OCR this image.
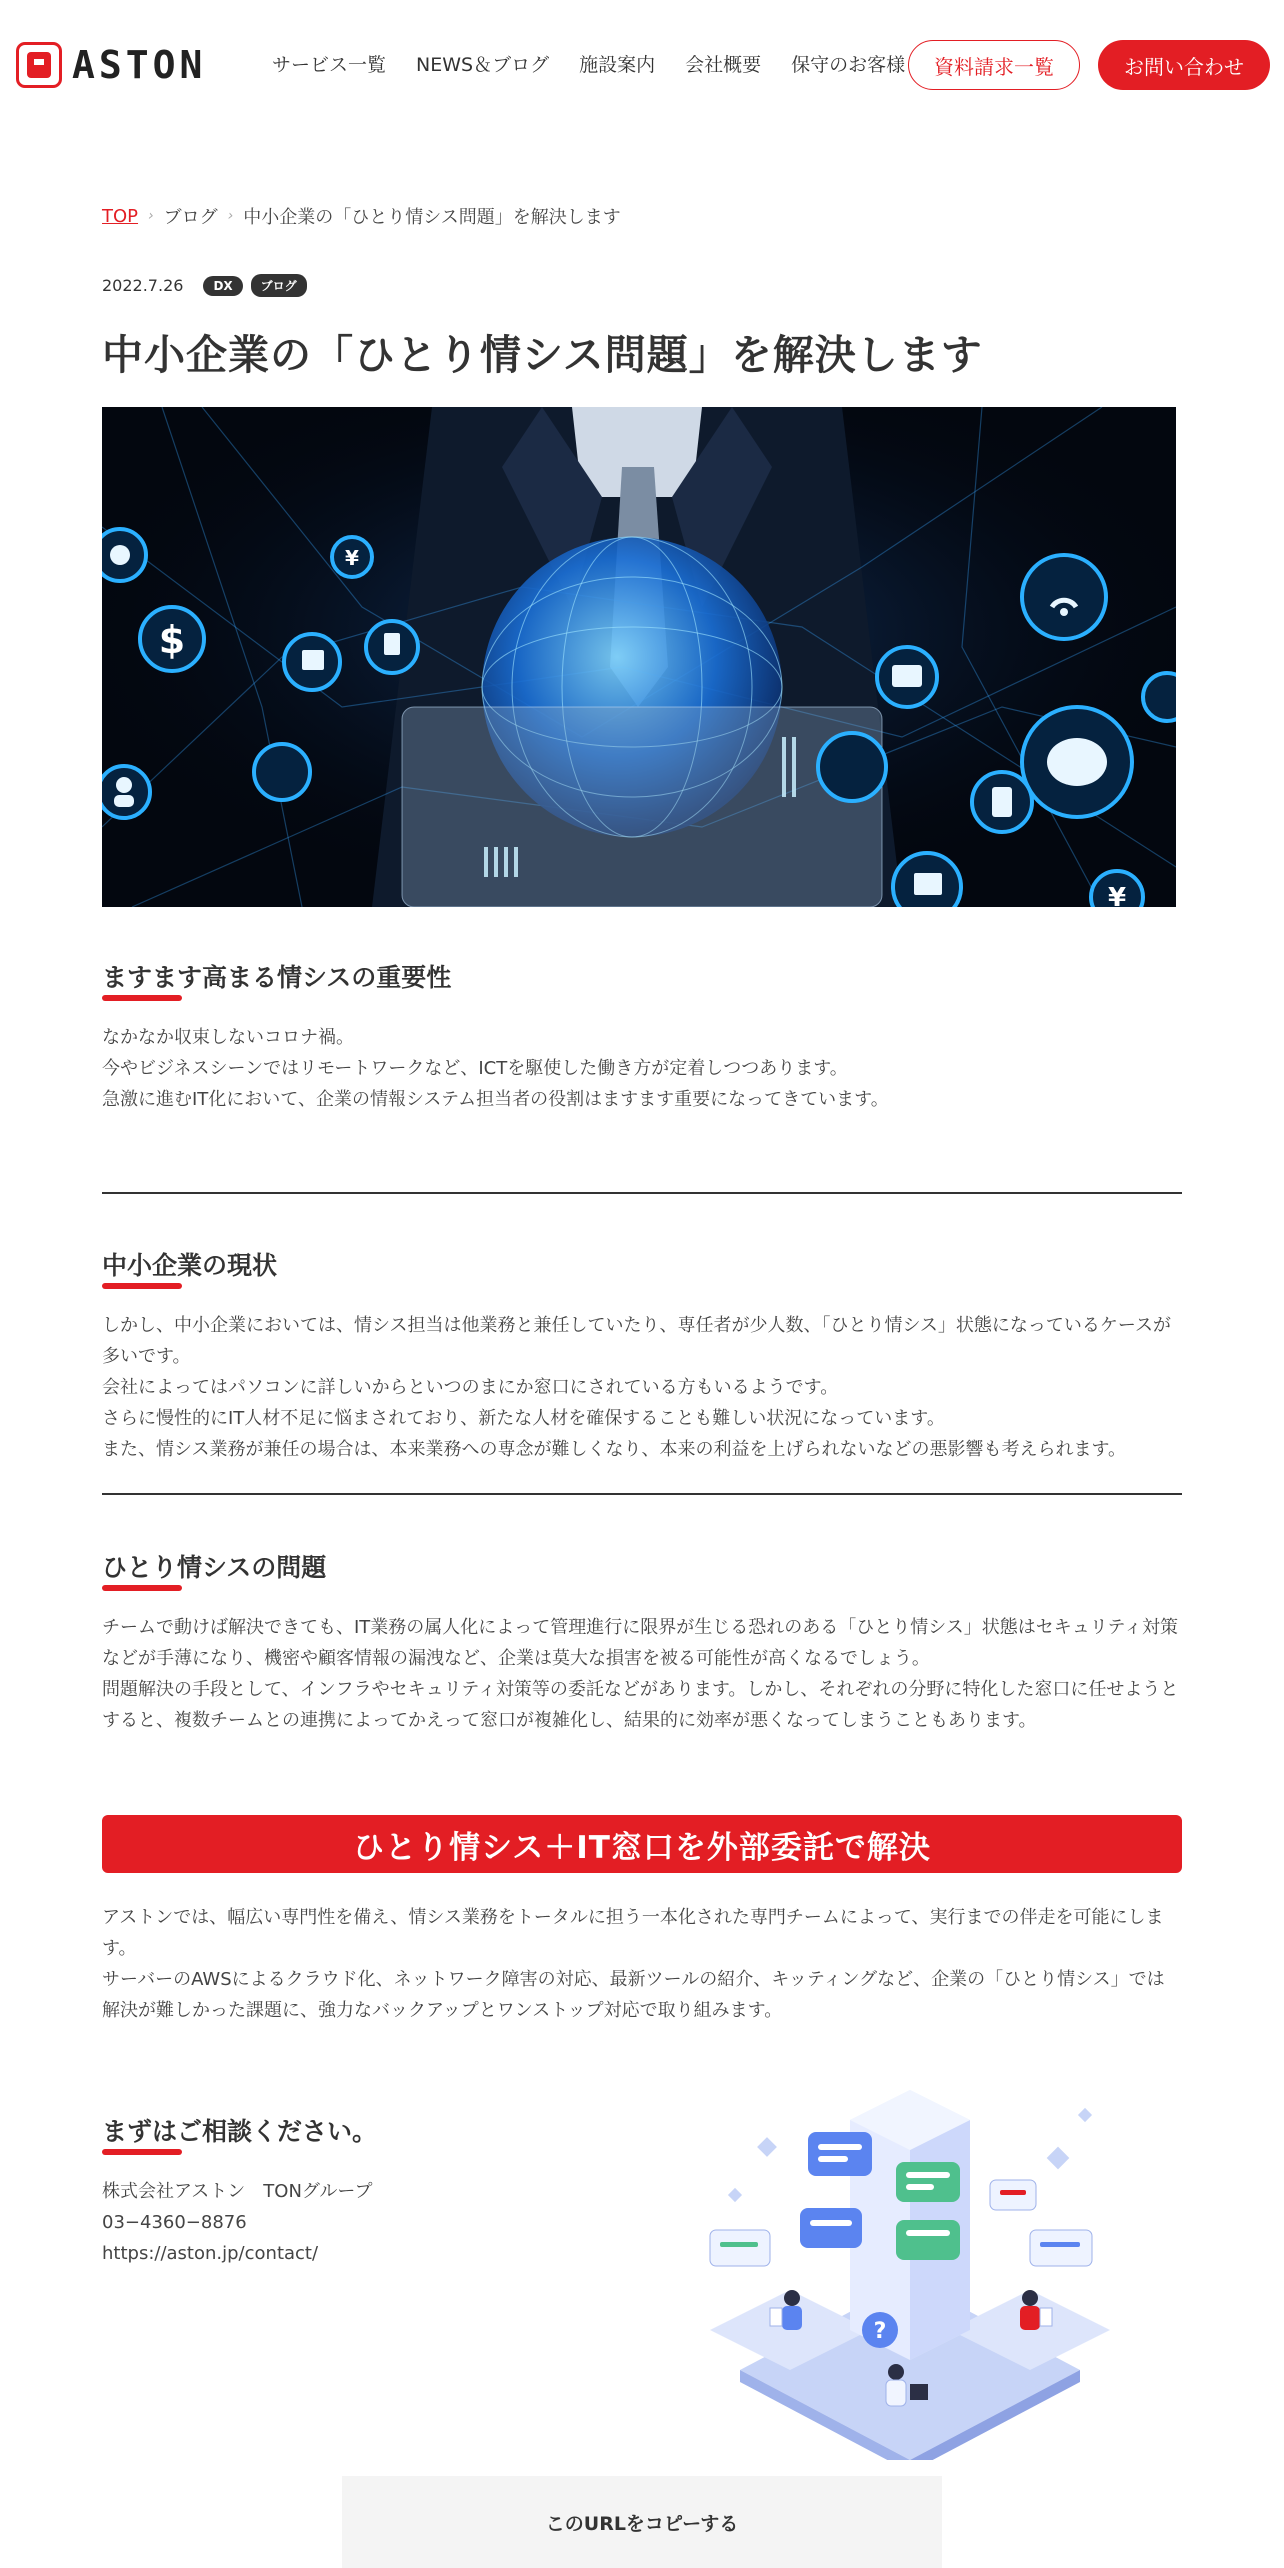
ASTON	サービス一覧 NEWS＆ブログ 施設案内 会社概要 保守のお客様	資料請求一覧	お問い合わせ
TOP › ブログ › 中小企業の「ひとり情シス問題」を解決します
2022.7.26	DX	ブログ
中小企業の「ひとり情シス問題」を解決します
$
¥
¥
ますます高まる情シスの重要性

なかなか収束しないコロナ禍。

今やビジネスシーンではリモートワークなど、ICTを駆使した働き方が定着しつつあります。

急激に進むIT化において、企業の情報システム担当者の役割はますます重要になってきています。

中小企業の現状

しかし、中小企業においては、情シス担当は他業務と兼任していたり、専任者が少人数、「ひとり情シス」状態になっているケースが多いです。

会社によってはパソコンに詳しいからといつのまにか窓口にされている方もいるようです。

さらに慢性的にIT人材不足に悩まされており、新たな人材を確保することも難しい状況になっています。

また、情シス業務が兼任の場合は、本来業務への専念が難しくなり、本来の利益を上げられないなどの悪影響も考えられます。

ひとり情シスの問題

チームで動けば解決できても、IT業務の属人化によって管理進行に限界が生じる恐れのある「ひとり情シス」状態はセキュリティ対策などが手薄になり、機密や顧客情報の漏洩など、企業は莫大な損害を被る可能性が高くなるでしょう。

問題解決の手段として、インフラやセキュリティ対策等の委託などがあります。しかし、それぞれの分野に特化した窓口に任せようとすると、複数チームとの連携によってかえって窓口が複雑化し、結果的に効率が悪くなってしまうこともあります。

ひとり情シス＋IT窓口を外部委託で解決

アストンでは、幅広い専門性を備え、情シス業務をトータルに担う一本化された専門チームによって、実行までの伴走を可能にします。

サーバーのAWSによるクラウド化、ネットワーク障害の対応、最新ツールの紹介、キッティングなど、企業の「ひとり情シス」では解決が難しかった課題に、強力なバックアップとワンストップ対応で取り組みます。

まずはご相談ください。

株式会社アストン　TONグループ

03−4360−8876

https://aston.jp/contact/

?
このURLをコピーする
